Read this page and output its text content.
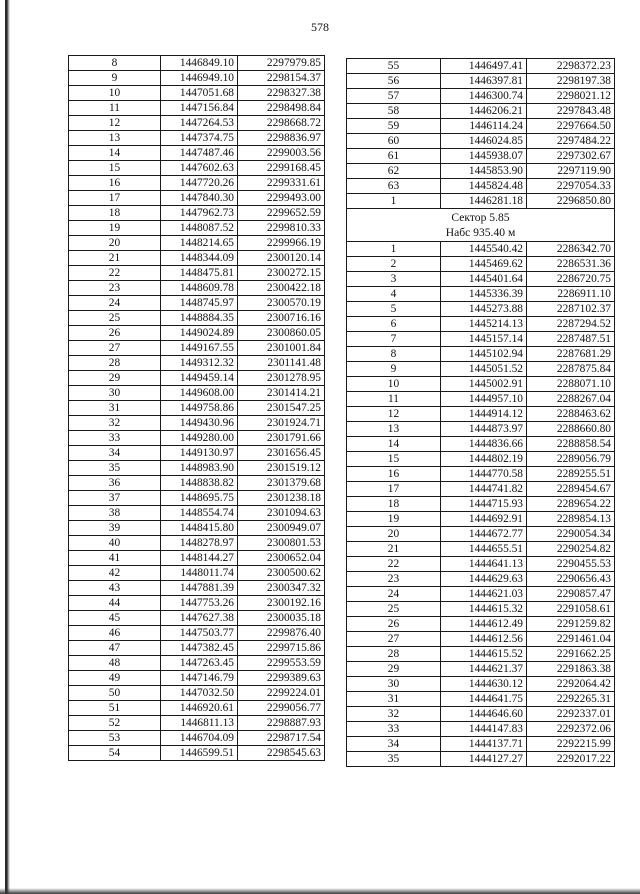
578
8	1446849.10	2297979.85
9	1446949.10	2298154.37
10	1447051.68	2298327.38
11	1447156.84	2298498.84
12	1447264.53	2298668.72
13	1447374.75	2298836.97
14	1447487.46	2299003.56
15	1447602.63	2299168.45
16	1447720.26	2299331.61
17	1447840.30	2299493.00
18	1447962.73	2299652.59
19	1448087.52	2299810.33
20	1448214.65	2299966.19
21	1448344.09	2300120.14
22	1448475.81	2300272.15
23	1448609.78	2300422.18
24	1448745.97	2300570.19
25	1448884.35	2300716.16
26	1449024.89	2300860.05
27	1449167.55	2301001.84
28	1449312.32	2301141.48
29	1449459.14	2301278.95
30	1449608.00	2301414.21
31	1449758.86	2301547.25
32	1449430.96	2301924.71
33	1449280.00	2301791.66
34	1449130.97	2301656.45
35	1448983.90	2301519.12
36	1448838.82	2301379.68
37	1448695.75	2301238.18
38	1448554.74	2301094.63
39	1448415.80	2300949.07
40	1448278.97	2300801.53
41	1448144.27	2300652.04
42	1448011.74	2300500.62
43	1447881.39	2300347.32
44	1447753.26	2300192.16
45	1447627.38	2300035.18
46	1447503.77	2299876.40
47	1447382.45	2299715.86
48	1447263.45	2299553.59
49	1447146.79	2299389.63
50	1447032.50	2299224.01
51	1446920.61	2299056.77
52	1446811.13	2298887.93
53	1446704.09	2298717.54
54	1446599.51	2298545.63
55	1446497.41	2298372.23
56	1446397.81	2298197.38
57	1446300.74	2298021.12
58	1446206.21	2297843.48
59	1446114.24	2297664.50
60	1446024.85	2297484.22
61	1445938.07	2297302.67
62	1445853.90	2297119.90
63	1445824.48	2297054.33
1	1446281.18	2296850.80

Сектор 5.85
Набс 935.40 м		

1	1445540.42	2286342.70
2	1445469.62	2286531.36
3	1445401.64	2286720.75
4	1445336.39	2286911.10
5	1445273.88	2287102.37
6	1445214.13	2287294.52
7	1445157.14	2287487.51
8	1445102.94	2287681.29
9	1445051.52	2287875.84
10	1445002.91	2288071.10
11	1444957.10	2288267.04
12	1444914.12	2288463.62
13	1444873.97	2288660.80
14	1444836.66	2288858.54
15	1444802.19	2289056.79
16	1444770.58	2289255.51
17	1444741.82	2289454.67
18	1444715.93	2289654.22
19	1444692.91	2289854.13
20	1444672.77	2290054.34
21	1444655.51	2290254.82
22	1444641.13	2290455.53
23	1444629.63	2290656.43
24	1444621.03	2290857.47
25	1444615.32	2291058.61
26	1444612.49	2291259.82
27	1444612.56	2291461.04
28	1444615.52	2291662.25
29	1444621.37	2291863.38
30	1444630.12	2292064.42
31	1444641.75	2292265.31
32	1444646.60	2292337.01
33	1444147.83	2292372.06
34	1444137.71	2292215.99
35	1444127.27	2292017.22
